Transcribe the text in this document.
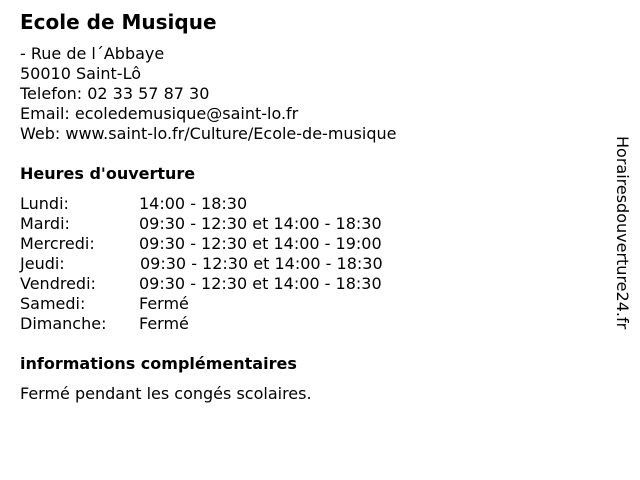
Ecole de Musique
- Rue de l´Abbaye
50010 Saint-Lô
Telefon: 02 33 57 87 30
Email: ecoledemusique@saint-lo.fr
Web: www.saint-lo.fr/Culture/Ecole-de-musique
Heures d'ouverture
Lundi:	14:00 - 18:30
Mardi:	09:30 - 12:30 et 14:00 - 18:30
Mercredi:	09:30 - 12:30 et 14:00 - 19:00
Jeudi:	09:30 - 12:30 et 14:00 - 18:30
Vendredi:	09:30 - 12:30 et 14:00 - 18:30
Samedi:	Fermé
Dimanche: Fermé
informations complémentaires
Fermé pendant les congés scolaires.
Horairesdouverture24.fr
